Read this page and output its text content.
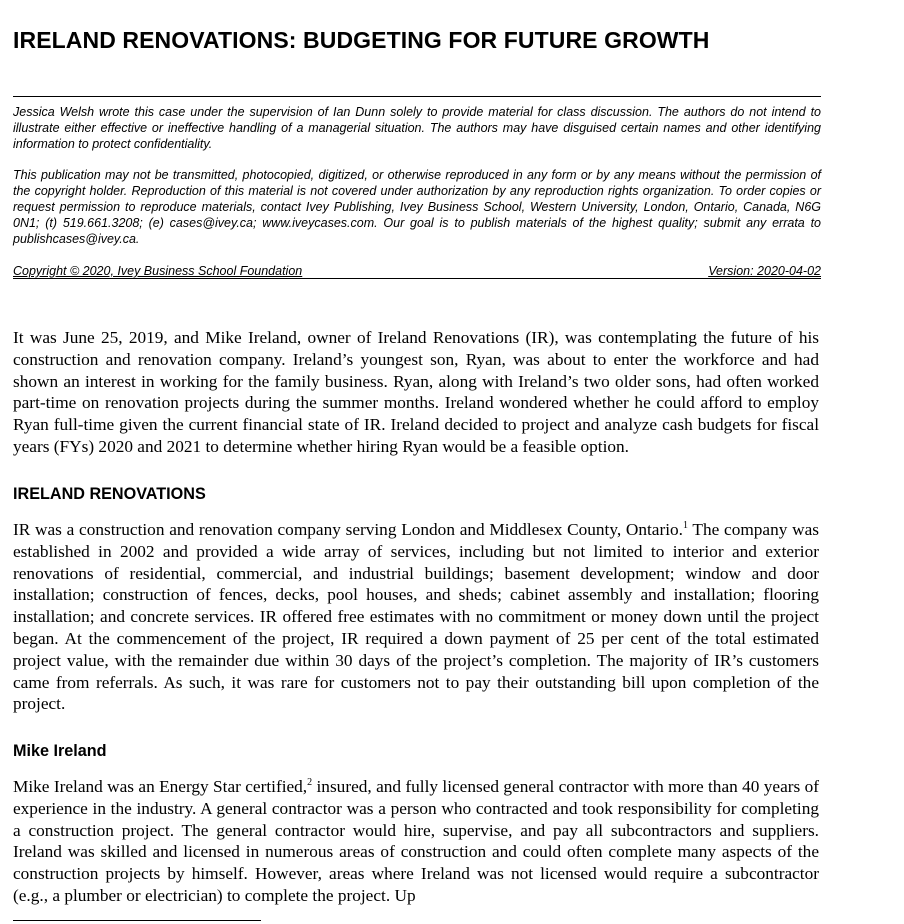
IRELAND RENOVATIONS: BUDGETING FOR FUTURE GROWTH

Jessica Welsh wrote this case under the supervision of Ian Dunn solely to provide material for class discussion. The authors do not intend to illustrate either effective or ineffective handling of a managerial situation. The authors may have disguised certain names and other identifying information to protect confidentiality.

This publication may not be transmitted, photocopied, digitized, or otherwise reproduced in any form or by any means without the permission of the copyright holder. Reproduction of this material is not covered under authorization by any reproduction rights organization. To order copies or request permission to reproduce materials, contact Ivey Publishing, Ivey Business School, Western University, London, Ontario, Canada, N6G 0N1; (t) 519.661.3208; (e) cases@ivey.ca; www.iveycases.com. Our goal is to publish materials of the highest quality; submit any errata to publishcases@ivey.ca.

Copyright © 2020, Ivey Business School Foundation	Version: 2020-04-02

It was June 25, 2019, and Mike Ireland, owner of Ireland Renovations (IR), was contemplating the future of his construction and renovation company. Ireland’s youngest son, Ryan, was about to enter the workforce and had shown an interest in working for the family business. Ryan, along with Ireland’s two older sons, had often worked part-time on renovation projects during the summer months. Ireland wondered whether he could afford to employ Ryan full-time given the current financial state of IR. Ireland decided to project and analyze cash budgets for fiscal years (FYs) 2020 and 2021 to determine whether hiring Ryan would be a feasible option.

IRELAND RENOVATIONS

IR was a construction and renovation company serving London and Middlesex County, Ontario.$^1$ The company was established in 2002 and provided a wide array of services, including but not limited to interior and exterior renovations of residential, commercial, and industrial buildings; basement development; window and door installation; construction of fences, decks, pool houses, and sheds; cabinet assembly and installation; flooring installation; and concrete services. IR offered free estimates with no commitment or money down until the project began. At the commencement of the project, IR required a down payment of 25 per cent of the total estimated project value, with the remainder due within 30 days of the project’s completion. The majority of IR’s customers came from referrals. As such, it was rare for customers not to pay their outstanding bill upon completion of the project.

Mike Ireland

Mike Ireland was an Energy Star certified,$^2$ insured, and fully licensed general contractor with more than 40 years of experience in the industry. A general contractor was a person who contracted and took responsibility for completing a construction project. The general contractor would hire, supervise, and pay all subcontractors and suppliers. Ireland was skilled and licensed in numerous areas of construction and could often complete many aspects of the construction projects by himself. However, areas where Ireland was not licensed would require a subcontractor (e.g., a plumber or electrician) to complete the project. Up
